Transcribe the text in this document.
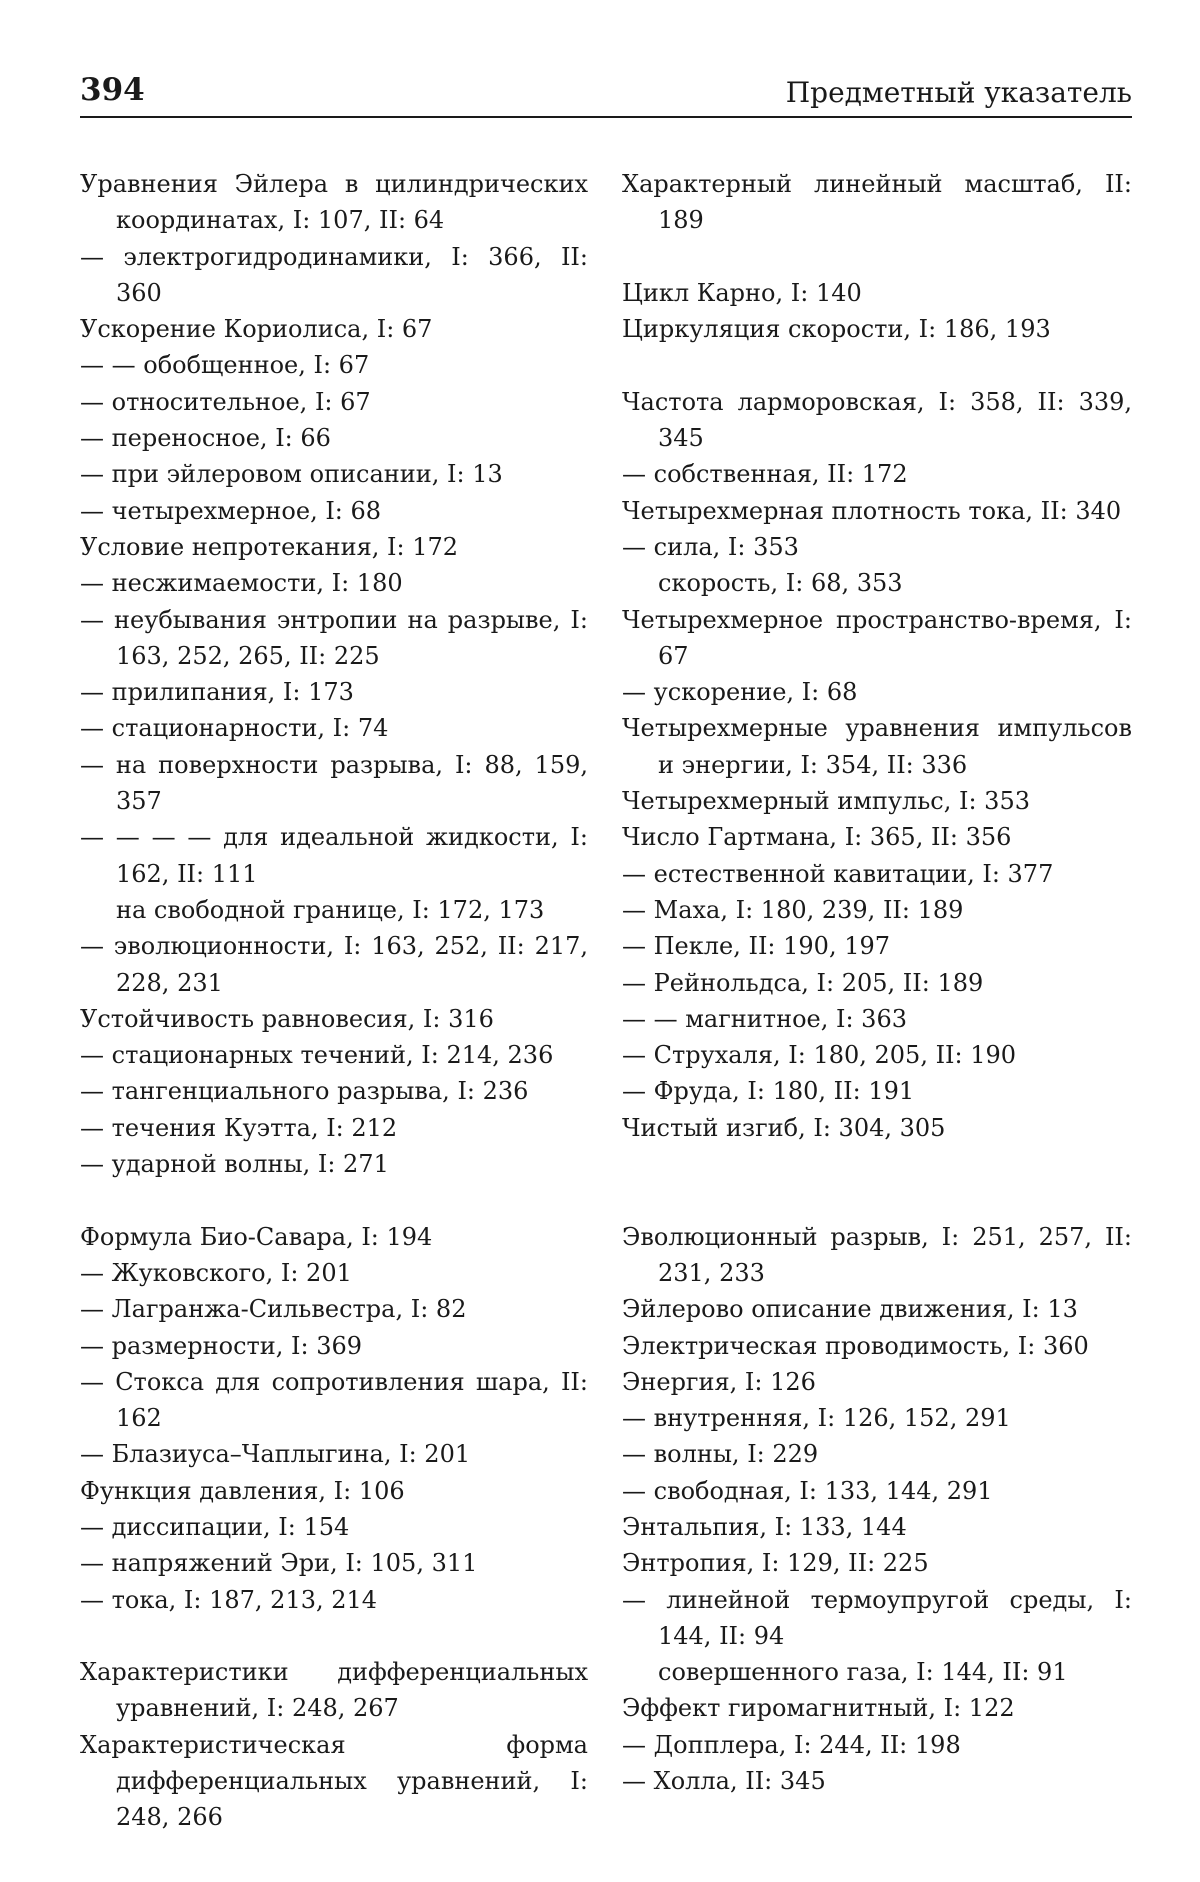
394	Предметный указатель
Уравнения Эйлера в цилиндрических координатах, I: 107, II: 64
— электрогидродинамики, I: 366, II: 360
Ускорение Кориолиса, I: 67
— — обобщенное, I: 67
— относительное, I: 67
— переносное, I: 66
— при эйлеровом описании, I: 13
— четырехмерное, I: 68
Условие непротекания, I: 172
— несжимаемости, I: 180
— неубывания энтропии на разрыве, I: 163, 252, 265, II: 225
— прилипания, I: 173
— стационарности, I: 74
— на поверхности разрыва, I: 88, 159, 357
— — — — для идеальной жидкости, I: 162, II: 111
на свободной границе, I: 172, 173
— эволюционности, I: 163, 252, II: 217, 228, 231
Устойчивость равновесия, I: 316
— стационарных течений, I: 214, 236
— тангенциального разрыва, I: 236
— течения Куэтта, I: 212
— ударной волны, I: 271
Формула Био-Савара, I: 194
— Жуковского, I: 201
— Лагранжа-Сильвестра, I: 82
— размерности, I: 369
— Стокса для сопротивления шара, II: 162
— Блазиуса–Чаплыгина, I: 201
Функция давления, I: 106
— диссипации, I: 154
— напряжений Эри, I: 105, 311
— тока, I: 187, 213, 214
Характеристики дифференциальных уравнений, I: 248, 267
Характеристическая форма дифференциальных уравнений, I: 248, 266
Характерный линейный масштаб, II: 189
Цикл Карно, I: 140
Циркуляция скорости, I: 186, 193
Частота ларморовская, I: 358, II: 339, 345
— собственная, II: 172
Четырехмерная плотность тока, II: 340
— сила, I: 353
скорость, I: 68, 353
Четырехмерное пространство-время, I: 67
— ускорение, I: 68
Четырехмерные уравнения импульсов и энергии, I: 354, II: 336
Четырехмерный импульс, I: 353
Число Гартмана, I: 365, II: 356
— естественной кавитации, I: 377
— Маха, I: 180, 239, II: 189
— Пекле, II: 190, 197
— Рейнольдса, I: 205, II: 189
— — магнитное, I: 363
— Струхаля, I: 180, 205, II: 190
— Фруда, I: 180, II: 191
Чистый изгиб, I: 304, 305
Эволюционный разрыв, I: 251, 257, II: 231, 233
Эйлерово описание движения, I: 13
Электрическая проводимость, I: 360
Энергия, I: 126
— внутренняя, I: 126, 152, 291
— волны, I: 229
— свободная, I: 133, 144, 291
Энтальпия, I: 133, 144
Энтропия, I: 129, II: 225
— линейной термоупругой среды, I: 144, II: 94
совершенного газа, I: 144, II: 91
Эффект гиромагнитный, I: 122
— Допплера, I: 244, II: 198
— Холла, II: 345
